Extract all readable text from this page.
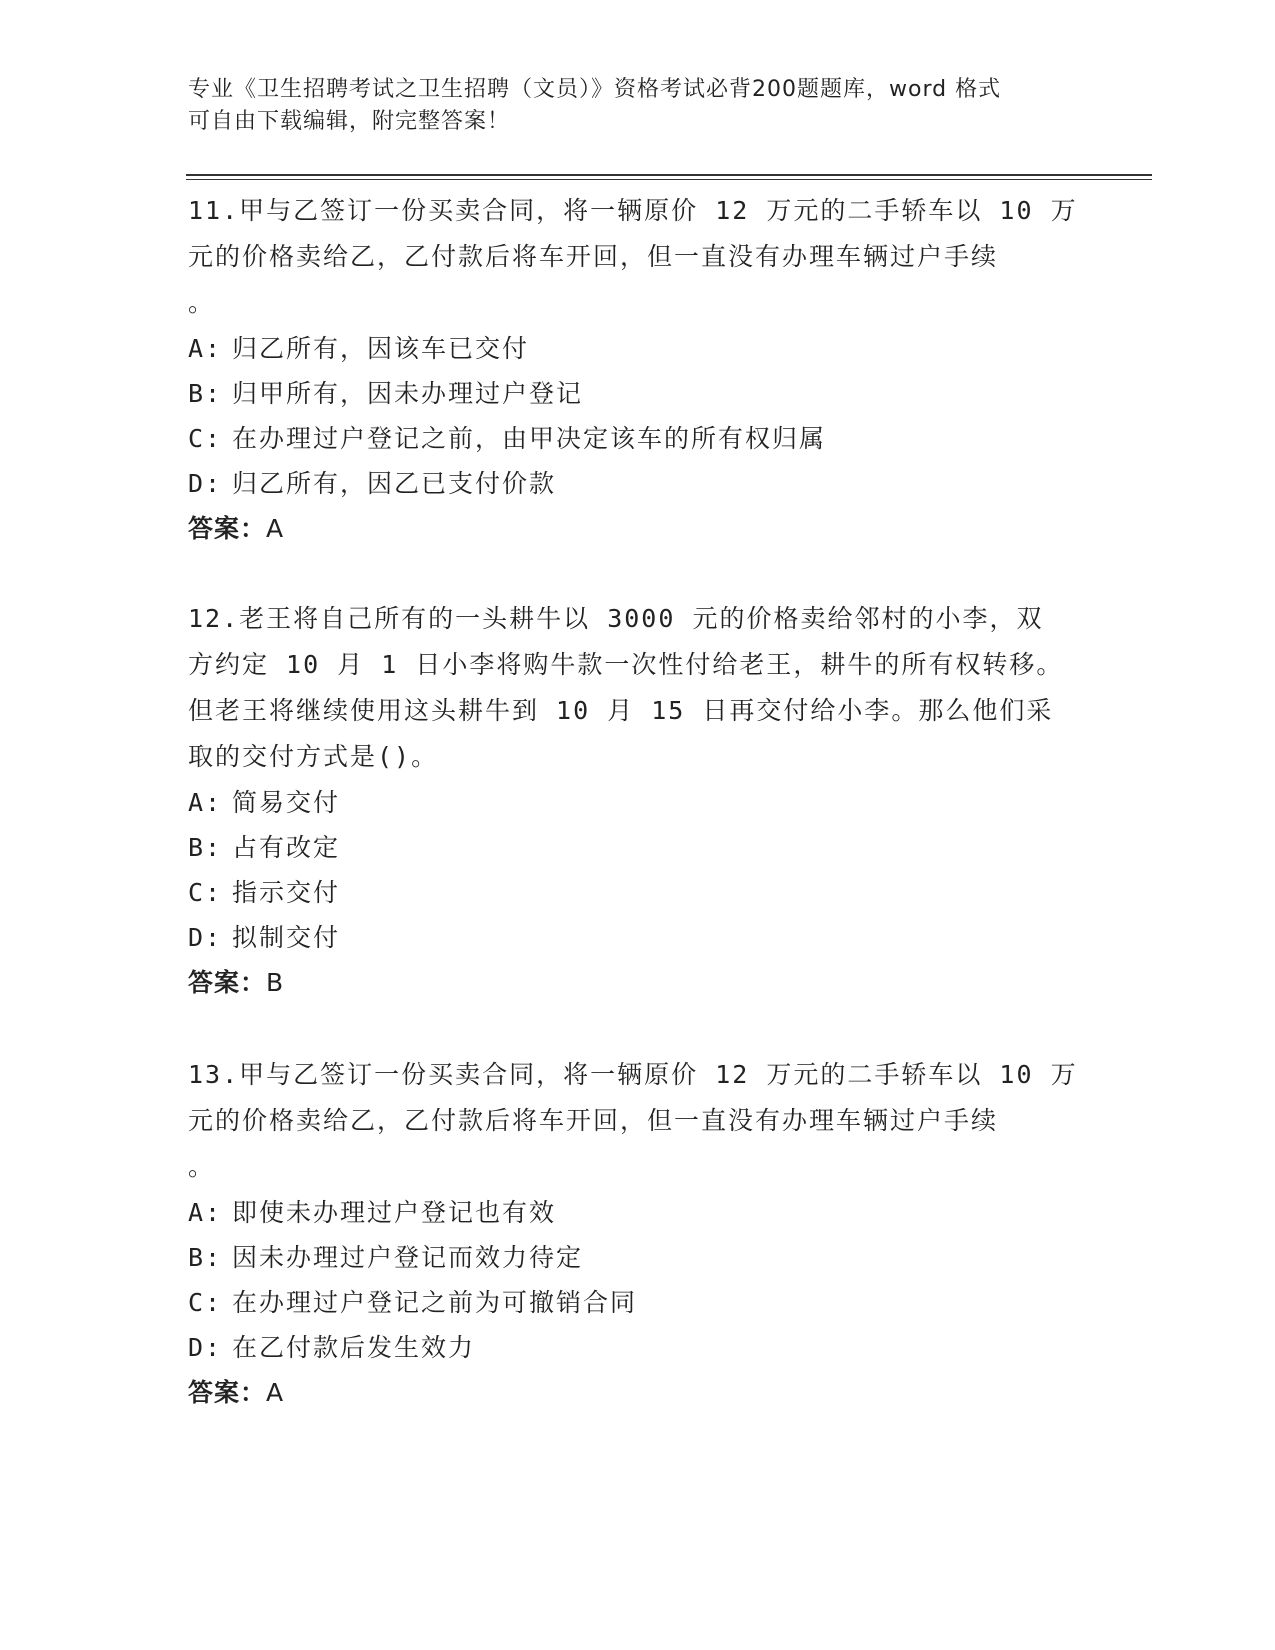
专业《卫生招聘考试之卫生招聘（文员）》资格考试必背200题题库，word 格式
可自由下载编辑，附完整答案！
11.甲与乙签订一份买卖合同，将一辆原价 12 万元的二手轿车以 10 万
元的价格卖给乙，乙付款后将车开回，但一直没有办理车辆过户手续
。
A: 归乙所有，因该车已交付
B: 归甲所有，因未办理过户登记
C: 在办理过户登记之前，由甲决定该车的所有权归属
D: 归乙所有，因乙已支付价款
答案：A
12.老王将自己所有的一头耕牛以 3000 元的价格卖给邻村的小李，双
方约定 10 月 1 日小李将购牛款一次性付给老王，耕牛的所有权转移。
但老王将继续使用这头耕牛到 10 月 15 日再交付给小李。那么他们采
取的交付方式是()。
A: 简易交付
B: 占有改定
C: 指示交付
D: 拟制交付
答案：B
13.甲与乙签订一份买卖合同，将一辆原价 12 万元的二手轿车以 10 万
元的价格卖给乙，乙付款后将车开回，但一直没有办理车辆过户手续
。
A: 即使未办理过户登记也有效
B: 因未办理过户登记而效力待定
C: 在办理过户登记之前为可撤销合同
D: 在乙付款后发生效力
答案：A
